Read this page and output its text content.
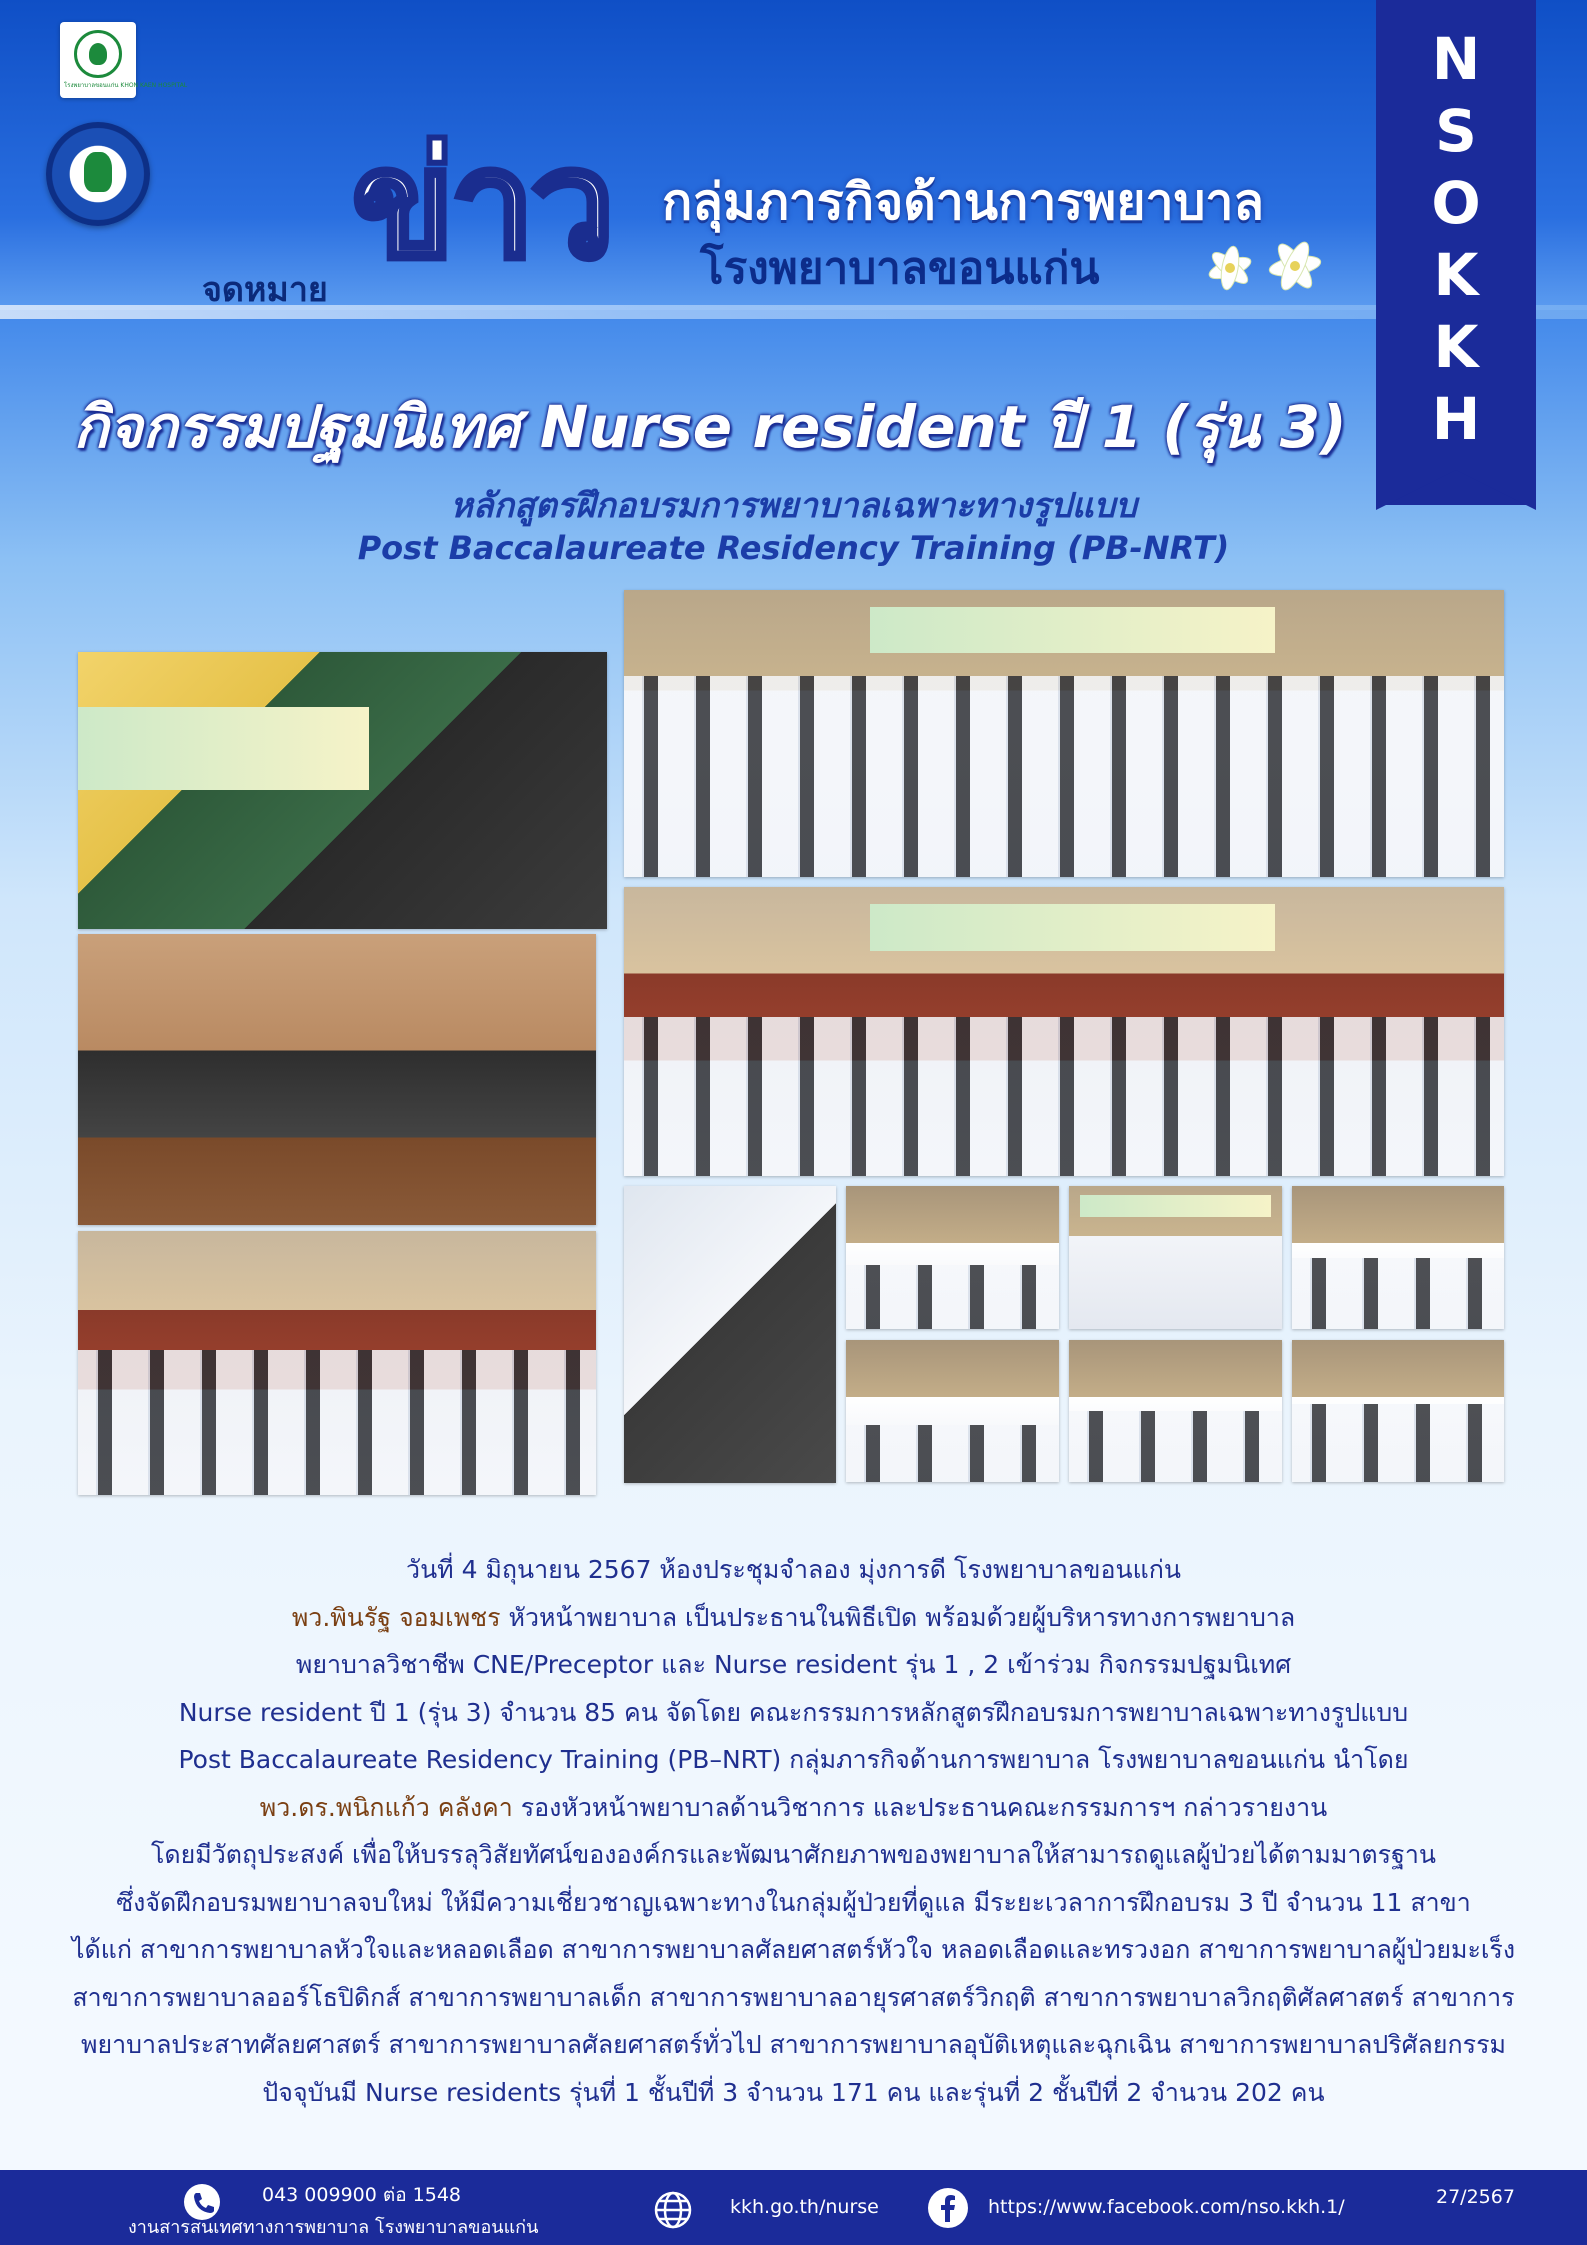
โรงพยาบาลขอนแก่น KHON KAEN HOSPITAL
จดหมาย ข่าว กลุ่มภารกิจด้านการพยาบาล
โรงพยาบาลขอนแก่น
N
S
O
K
K
H
กิจกรรมปฐมนิเทศ Nurse resident ปี 1 (รุ่น 3)
หลักสูตรฝึกอบรมการพยาบาลเฉพาะทางรูปแบบ
Post Baccalaureate Residency Training (PB-NRT)

วันที่ 4 มิถุนายน 2567 ห้องประชุมจำลอง มุ่งการดี โรงพยาบาลขอนแก่น

พว.พินรัฐ จอมเพชร หัวหน้าพยาบาล เป็นประธานในพิธีเปิด พร้อมด้วยผู้บริหารทางการพยาบาล

พยาบาลวิชาชีพ CNE/Preceptor และ Nurse resident รุ่น 1 , 2 เข้าร่วม กิจกรรมปฐมนิเทศ

Nurse resident ปี 1 (รุ่น 3) จำนวน 85 คน จัดโดย คณะกรรมการหลักสูตรฝึกอบรมการพยาบาลเฉพาะทางรูปแบบ

Post Baccalaureate Residency Training (PB–NRT) กลุ่มภารกิจด้านการพยาบาล โรงพยาบาลขอนแก่น นำโดย

พว.ดร.พนิกแก้ว คลังคา รองหัวหน้าพยาบาลด้านวิชาการ และประธานคณะกรรมการฯ กล่าวรายงาน

โดยมีวัตถุประสงค์ เพื่อให้บรรลุวิสัยทัศน์ขององค์กรและพัฒนาศักยภาพของพยาบาลให้สามารถดูแลผู้ป่วยได้ตามมาตรฐาน

ซึ่งจัดฝึกอบรมพยาบาลจบใหม่ ให้มีความเชี่ยวชาญเฉพาะทางในกลุ่มผู้ป่วยที่ดูแล มีระยะเวลาการฝึกอบรม 3 ปี จำนวน 11 สาขา

ได้แก่ สาขาการพยาบาลหัวใจและหลอดเลือด สาขาการพยาบาลศัลยศาสตร์หัวใจ หลอดเลือดและทรวงอก สาขาการพยาบาลผู้ป่วยมะเร็ง

สาขาการพยาบาลออร์โธปิดิกส์ สาขาการพยาบาลเด็ก สาขาการพยาบาลอายุรศาสตร์วิกฤติ สาขาการพยาบาลวิกฤติศัลศาสตร์ สาขาการ

พยาบาลประสาทศัลยศาสตร์ สาขาการพยาบาลศัลยศาสตร์ทั่วไป สาขาการพยาบาลอุบัติเหตุและฉุกเฉิน สาขาการพยาบาลปริศัลยกรรม

ปัจจุบันมี Nurse residents รุ่นที่ 1 ชั้นปีที่ 3 จำนวน 171 คน และรุ่นที่ 2 ชั้นปีที่ 2 จำนวน 202 คน

043 009900 ต่อ 1548
งานสารสนเทศทางการพยาบาล โรงพยาบาลขอนแก่น
kkh.go.th/nurse	https://www.facebook.com/nso.kkh.1/	27/2567
